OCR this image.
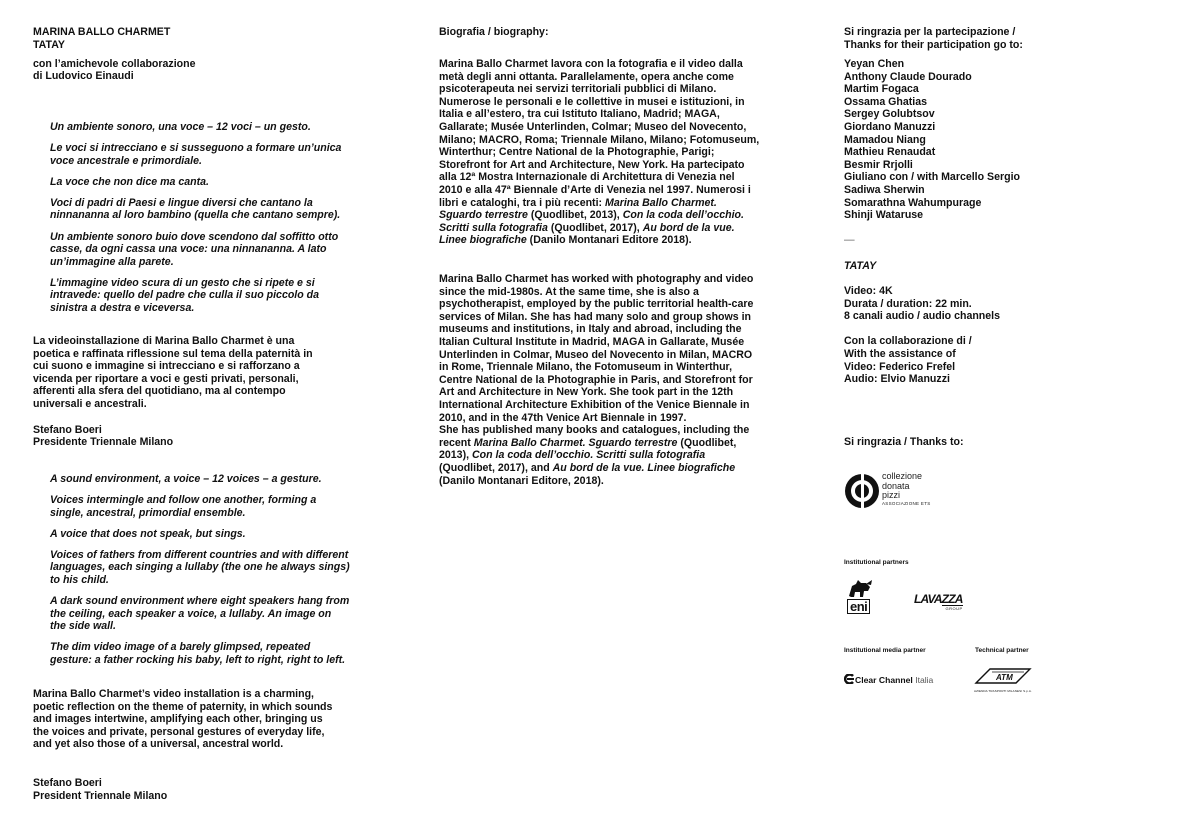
MARINA BALLO CHARMET

TATAY

con l’amichevole collaborazione

di Ludovico Einaudi

Un ambiente sonoro, una voce – 12 voci – un gesto.

Le voci si intrecciano e si susseguono a formare un’unica voce ancestrale e primordiale.

La voce che non dice ma canta.

Voci di padri di Paesi e lingue diversi che cantano la ninnananna al loro bambino (quella che cantano sempre).

Un ambiente sonoro buio dove scendono dal soffitto otto casse, da ogni cassa una voce: una ninnananna. A lato un’immagine alla parete.

L’immagine video scura di un gesto che si ripete e si intravede: quello del padre che culla il suo piccolo da sinistra a destra e viceversa.

La videoinstallazione di Marina Ballo Charmet è una poetica e raffinata riflessione sul tema della paternità in cui suono e immagine si intrecciano e si rafforzano a vicenda per riportare a voci e gesti privati, personali, afferenti alla sfera del quotidiano, ma al contempo universali e ancestrali.

Stefano Boeri

Presidente Triennale Milano

A sound environment, a voice – 12 voices – a gesture.

Voices intermingle and follow one another, forming a single, ancestral, primordial ensemble.

A voice that does not speak, but sings.

Voices of fathers from different countries and with different languages, each singing a lullaby (the one he always sings) to his child.

A dark sound environment where eight speakers hang from the ceiling, each speaker a voice, a lullaby. An image on the side wall.

The dim video image of a barely glimpsed, repeated gesture: a father rocking his baby, left to right, right to left.

Marina Ballo Charmet’s video installation is a charming, poetic reflection on the theme of paternity, in which sounds and images intertwine, amplifying each other, bringing us the voices and private, personal gestures of everyday life, and yet also those of a universal, ancestral world.

Stefano Boeri

President Triennale Milano

Biografia / biography:

Marina Ballo Charmet lavora con la fotografia e il video dalla metà degli anni ottanta. Parallelamente, opera anche come psicoterapeuta nei servizi territoriali pubblici di Milano. Numerose le personali e le collettive in musei e istituzioni, in Italia e all’estero, tra cui Istituto Italiano, Madrid; MAGA, Gallarate; Musée Unterlinden, Colmar; Museo del Novecento, Milano; MACRO, Roma; Triennale Milano, Milano; Fotomuseum, Winterthur; Centre National de la Photographie, Parigi; Storefront for Art and Architecture, New York. Ha partecipato alla 12ª Mostra Internazionale di Architettura di Venezia nel 2010 e alla 47ª Biennale d’Arte di Venezia nel 1997. Numerosi i libri e cataloghi, tra i più recenti: Marina Ballo Charmet. Sguardo terrestre (Quodlibet, 2013), Con la coda dell’occhio. Scritti sulla fotografia (Quodlibet, 2017), Au bord de la vue. Linee biografiche (Danilo Montanari Editore 2018).

Marina Ballo Charmet has worked with photography and video since the mid-1980s. At the same time, she is also a psychotherapist, employed by the public territorial health-care services of Milan. She has had many solo and group shows in museums and institutions, in Italy and abroad, including the Italian Cultural Institute in Madrid, MAGA in Gallarate, Musée Unterlinden in Colmar, Museo del Novecento in Milan, MACRO in Rome, Triennale Milano, the Fotomuseum in Winterthur, Centre National de la Photographie in Paris, and Storefront for Art and Architecture in New York. She took part in the 12th International Architecture Exhibition of the Venice Biennale in 2010, and in the 47th Venice Art Biennale in 1997.
She has published many books and catalogues, including the recent Marina Ballo Charmet. Sguardo terrestre (Quodlibet, 2013), Con la coda dell’occhio. Scritti sulla fotografia (Quodlibet, 2017), and Au bord de la vue. Linee biografiche (Danilo Montanari Editore, 2018).

Si ringrazia per la partecipazione /

Thanks for their participation go to:

Yeyan Chen

Anthony Claude Dourado

Martim Fogaca

Ossama Ghatias

Sergey Golubtsov

Giordano Manuzzi

Mamadou Niang

Mathieu Renaudat

Besmir Rrjolli

Giuliano con / with Marcello Sergio

Sadiwa Sherwin

Somarathna Wahumpurage

Shinji Wataruse

—

TATAY

Video: 4K

Durata / duration: 22 min.

8 canali audio / audio channels

Con la collaborazione di /

With the assistance of

Video: Federico Frefel

Audio: Elvio Manuzzi

Si ringrazia / Thanks to:

collezione
donata
pizzi
ASSOCIAZIONE ETS

Institutional partners

eni	LAVAZZA
GROUP

Institutional media partner	Technical partner

Clear Channel Italia	ATM
AZIENDA TRASPORTI MILANESI S.p.A.
